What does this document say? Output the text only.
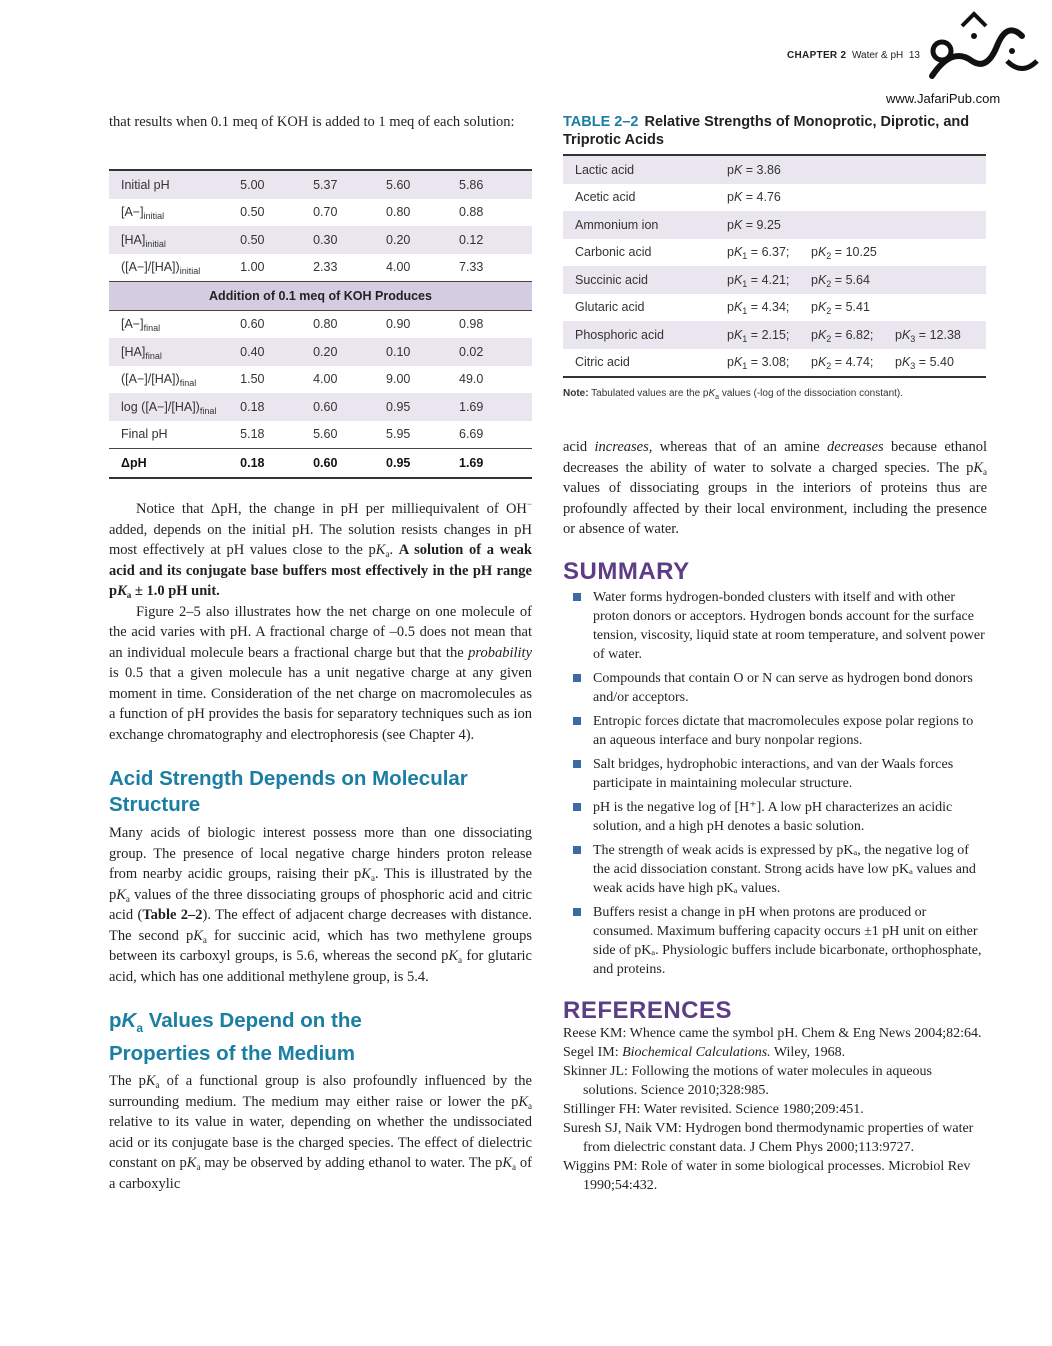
CHAPTER 2 Water & pH 13
www.JafariPub.com

that results when 0.1 meq of KOH is added to 1 meq of each solution:

Initial pH	5.00	5.37	5.60	5.86
$[A-]_{initial}$	0.50	0.70	0.80	0.88
$[HA]_{initial}$	0.50	0.30	0.20	0.12
$([A-]/[HA])_{initial}$	1.00	2.33	4.00	7.33
Addition of 0.1 meq of KOH Produces				
$[A-]_{final}$	0.60	0.80	0.90	0.98
$[HA]_{final}$	0.40	0.20	0.10	0.02
$([A-]/[HA])_{final}$	1.50	4.00	9.00	49.0
$\log ([A-]/[HA])_{final}$	0.18	0.60	0.95	1.69
Final pH	5.18	5.60	5.95	6.69
ΔpH	0.18	0.60	0.95	1.69

Notice that ΔpH, the change in pH per milliequivalent of OH− added, depends on the initial pH. The solution resists changes in pH most effectively at pH values close to the $pK_a$. A solution of a weak acid and its conjugate base buffers most effectively in the pH range $pK_a \pm 1.0$ pH unit.

Figure 2–5 also illustrates how the net charge on one molecule of the acid varies with pH. A fractional charge of –0.5 does not mean that an individual molecule bears a fractional charge but that the probability is 0.5 that a given molecule has a unit negative charge at any given moment in time. Consideration of the net charge on macromolecules as a function of pH provides the basis for separatory techniques such as ion exchange chromatography and electrophoresis (see Chapter 4).

Acid Strength Depends on Molecular Structure

Many acids of biologic interest possess more than one dissociating group. The presence of local negative charge hinders proton release from nearby acidic groups, raising their $pK_a$. This is illustrated by the $pK_a$ values of the three dissociating groups of phosphoric acid and citric acid (Table 2–2). The effect of adjacent charge decreases with distance. The second $pK_a$ for succinic acid, which has two methylene groups between its carboxyl groups, is 5.6, whereas the second $pK_a$ for glutaric acid, which has one additional methylene group, is 5.4.

$pK_a$ Values Depend on the
Properties of the Medium

The $pK_a$ of a functional group is also profoundly influenced by the surrounding medium. The medium may either raise or lower the $pK_a$ relative to its value in water, depending on whether the undissociated acid or its conjugate base is the charged species. The effect of dielectric constant on $pK_a$ may be observed by adding ethanol to water. The $pK_a$ of a carboxylic

TABLE 2–2 Relative Strengths of Monoprotic, Diprotic, and Triprotic Acids
Lactic acid	pK = 3.86
Acetic acid	pK = 4.76
Ammonium ion	pK = 9.25
Carbonic acid	$pK_1 = 6.37$; $pK_2 = 10.25$
Succinic acid	$pK_1 = 4.21$; $pK_2 = 5.64$
Glutaric acid	$pK_1 = 4.34$; $pK_2 = 5.41$
Phosphoric acid	$pK_1 = 2.15$; $pK_2 = 6.82$; $pK_3 = 12.38$
Citric acid	$pK_1 = 3.08$; $pK_2 = 4.74$; $pK_3 = 5.40$
Note: Tabulated values are the $pK_a$ values (-log of the dissociation constant).

acid increases, whereas that of an amine decreases because ethanol decreases the ability of water to solvate a charged species. The $pK_a$ values of dissociating groups in the interiors of proteins thus are profoundly affected by their local environment, including the presence or absence of water.

SUMMARY
Water forms hydrogen-bonded clusters with itself and with other proton donors or acceptors. Hydrogen bonds account for the surface tension, viscosity, liquid state at room temperature, and solvent power of water.
Compounds that contain O or N can serve as hydrogen bond donors and/or acceptors.
Entropic forces dictate that macromolecules expose polar regions to an aqueous interface and bury nonpolar regions.
Salt bridges, hydrophobic interactions, and van der Waals forces participate in maintaining molecular structure.
pH is the negative log of [H⁺]. A low pH characterizes an acidic solution, and a high pH denotes a basic solution.
The strength of weak acids is expressed by pKₐ, the negative log of the acid dissociation constant. Strong acids have low pKₐ values and weak acids have high pKₐ values.
Buffers resist a change in pH when protons are produced or consumed. Maximum buffering capacity occurs ±1 pH unit on either side of pKₐ. Physiologic buffers include bicarbonate, orthophosphate, and proteins.
REFERENCES
Reese KM: Whence came the symbol pH. Chem & Eng News 2004;82:64.
Segel IM: Biochemical Calculations. Wiley, 1968.
Skinner JL: Following the motions of water molecules in aqueous solutions. Science 2010;328:985.
Stillinger FH: Water revisited. Science 1980;209:451.
Suresh SJ, Naik VM: Hydrogen bond thermodynamic properties of water from dielectric constant data. J Chem Phys 2000;113:9727.
Wiggins PM: Role of water in some biological processes. Microbiol Rev 1990;54:432.
